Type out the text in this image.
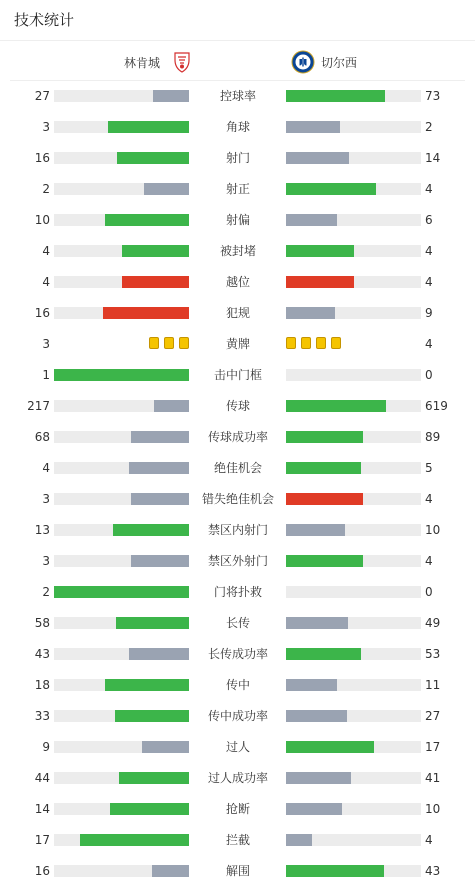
技术统计
林肯城	切尔西
27	控球率	73
3	角球	2
16	射门	14
2	射正	4
10	射偏	6
4	被封堵	4
4	越位	4
16	犯规	9
3	黄牌	4
1	击中门框	0
217	传球	619
68	传球成功率	89
4	绝佳机会	5
3	错失绝佳机会	4
13	禁区内射门	10
3	禁区外射门	4
2	门将扑救	0
58	长传	49
43	长传成功率	53
18	传中	11
33	传中成功率	27
9	过人	17
44	过人成功率	41
14	抢断	10
17	拦截	4
16	解围	43
